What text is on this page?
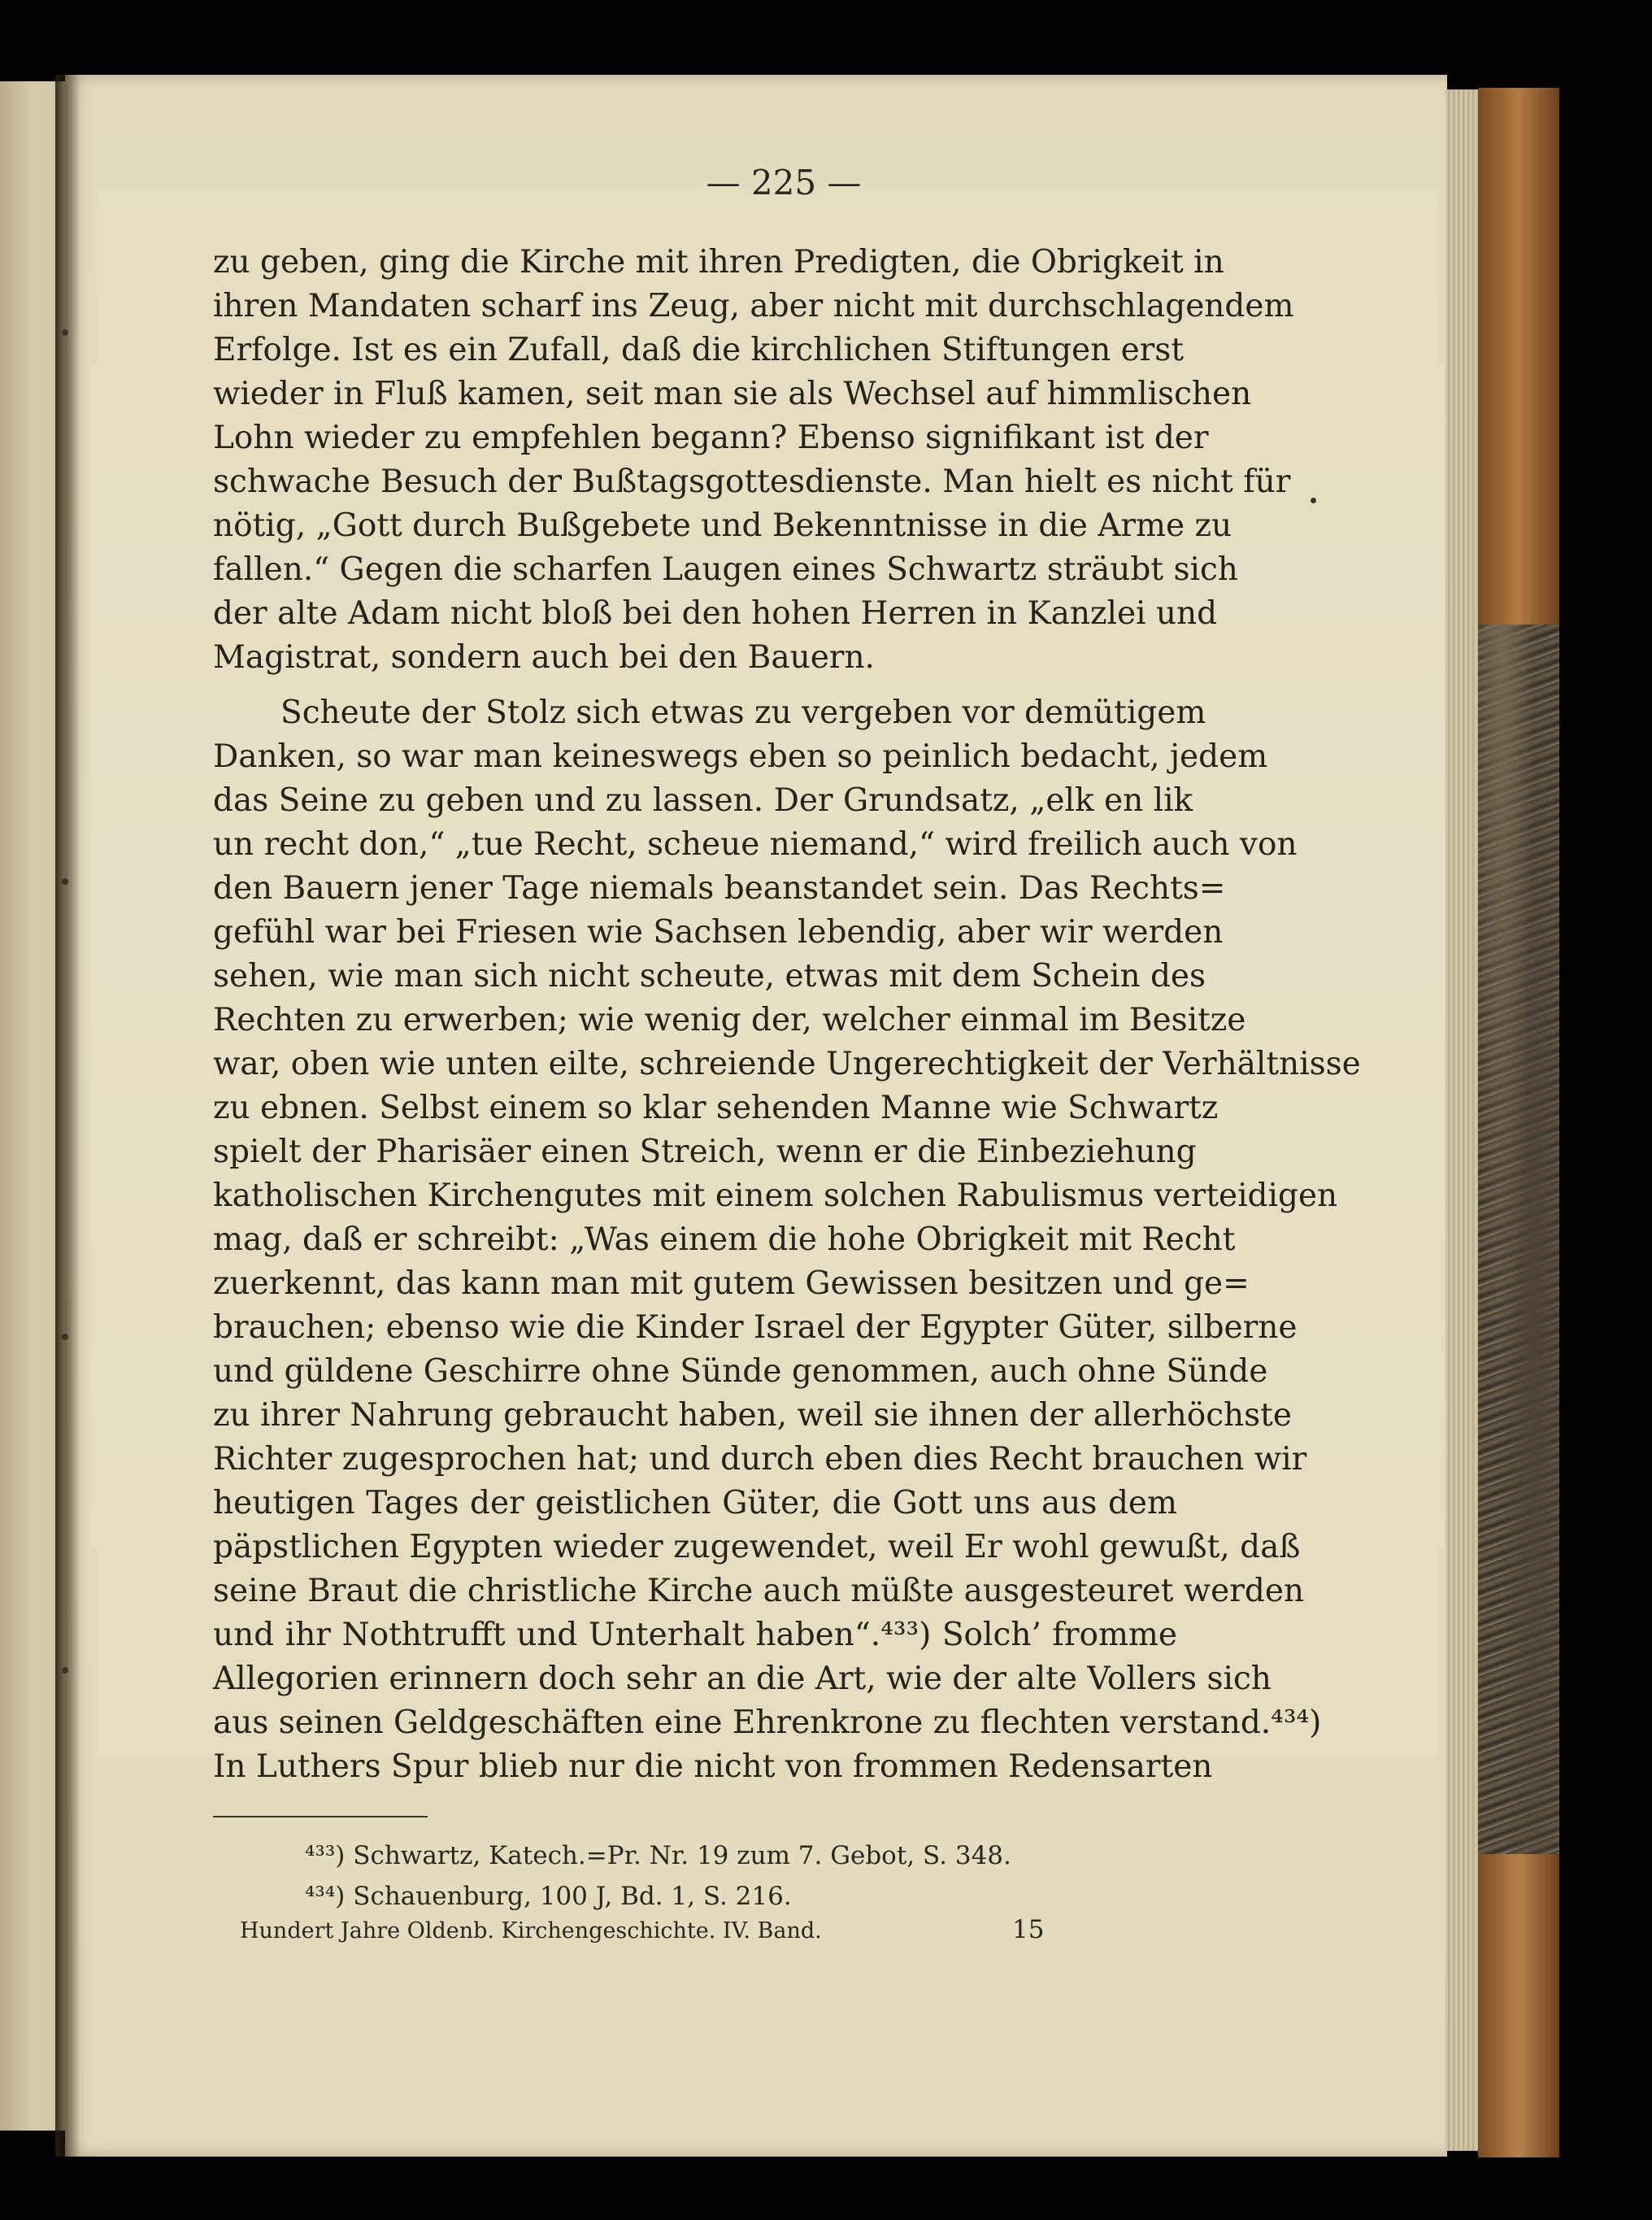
— 225 —
zu geben, ging die Kirche mit ihren Predigten, die Obrigkeit in
ihren Mandaten scharf ins Zeug, aber nicht mit durchschlagendem
Erfolge. Ist es ein Zufall, daß die kirchlichen Stiftungen erst
wieder in Fluß kamen, seit man sie als Wechsel auf himmlischen
Lohn wieder zu empfehlen begann? Ebenso signifikant ist der
schwache Besuch der Bußtagsgottesdienste. Man hielt es nicht für
nötig, „Gott durch Bußgebete und Bekenntnisse in die Arme zu
fallen.“ Gegen die scharfen Laugen eines Schwartz sträubt sich
der alte Adam nicht bloß bei den hohen Herren in Kanzlei und
Magistrat, sondern auch bei den Bauern.
Scheute der Stolz sich etwas zu vergeben vor demütigem
Danken, so war man keineswegs eben so peinlich bedacht, jedem
das Seine zu geben und zu lassen. Der Grundsatz, „elk en lik
un recht don,“ „tue Recht, scheue niemand,“ wird freilich auch von
den Bauern jener Tage niemals beanstandet sein. Das Rechts=
gefühl war bei Friesen wie Sachsen lebendig, aber wir werden
sehen, wie man sich nicht scheute, etwas mit dem Schein des
Rechten zu erwerben; wie wenig der, welcher einmal im Besitze
war, oben wie unten eilte, schreiende Ungerechtigkeit der Verhältnisse
zu ebnen. Selbst einem so klar sehenden Manne wie Schwartz
spielt der Pharisäer einen Streich, wenn er die Einbeziehung
katholischen Kirchengutes mit einem solchen Rabulismus verteidigen
mag, daß er schreibt: „Was einem die hohe Obrigkeit mit Recht
zuerkennt, das kann man mit gutem Gewissen besitzen und ge=
brauchen; ebenso wie die Kinder Israel der Egypter Güter, silberne
und güldene Geschirre ohne Sünde genommen, auch ohne Sünde
zu ihrer Nahrung gebraucht haben, weil sie ihnen der allerhöchste
Richter zugesprochen hat; und durch eben dies Recht brauchen wir
heutigen Tages der geistlichen Güter, die Gott uns aus dem
päpstlichen Egypten wieder zugewendet, weil Er wohl gewußt, daß
seine Braut die christliche Kirche auch müßte ausgesteuret werden
und ihr Nothtrufft und Unterhalt haben“.⁴³³) Solch’ fromme
Allegorien erinnern doch sehr an die Art, wie der alte Vollers sich
aus seinen Geldgeschäften eine Ehrenkrone zu flechten verstand.⁴³⁴)
In Luthers Spur blieb nur die nicht von frommen Redensarten
⁴³³) Schwartz, Katech.=Pr. Nr. 19 zum 7. Gebot, S. 348.
⁴³⁴) Schauenburg, 100 J, Bd. 1, S. 216.
Hundert Jahre Oldenb. Kirchengeschichte. IV. Band.	15
